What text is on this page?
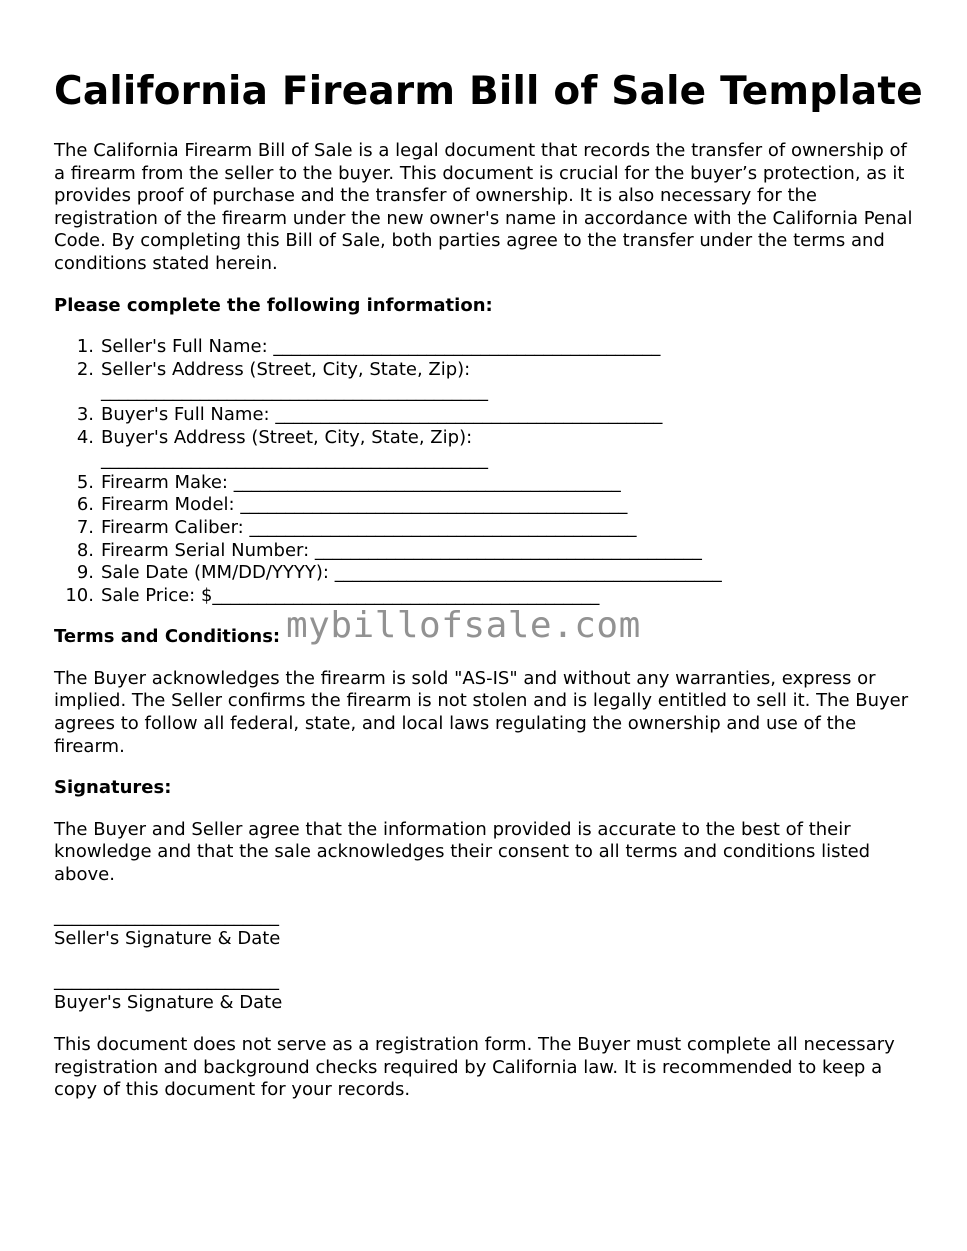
California Firearm Bill of Sale Template

The California Firearm Bill of Sale is a legal document that records the transfer of ownership of a firearm from the seller to the buyer. This document is crucial for the buyer’s protection, as it provides proof of purchase and the transfer of ownership. It is also necessary for the registration of the firearm under the new owner's name in accordance with the California Penal Code. By completing this Bill of Sale, both parties agree to the transfer under the terms and conditions stated herein.

Please complete the following information:
1. Seller's Full Name: ___________________________________________
2. Seller's Address (Street, City, State, Zip):
___________________________________________
3. Buyer's Full Name: ___________________________________________
4. Buyer's Address (Street, City, State, Zip):
___________________________________________
5. Firearm Make: ___________________________________________
6. Firearm Model: ___________________________________________
7. Firearm Caliber: ___________________________________________
8. Firearm Serial Number: ___________________________________________
9. Sale Date (MM/DD/YYYY): ___________________________________________
10. Sale Price: $___________________________________________
Terms and Conditions:

The Buyer acknowledges the firearm is sold "AS-IS" and without any warranties, express or implied. The Seller confirms the firearm is not stolen and is legally entitled to sell it. The Buyer agrees to follow all federal, state, and local laws regulating the ownership and use of the firearm.

Signatures:

The Buyer and Seller agree that the information provided is accurate to the best of their knowledge and that the sale acknowledges their consent to all terms and conditions listed above.

_________________________
Seller's Signature & Date
_________________________
Buyer's Signature & Date

This document does not serve as a registration form. The Buyer must complete all necessary registration and background checks required by California law. It is recommended to keep a copy of this document for your records.

mybillofsale.com
